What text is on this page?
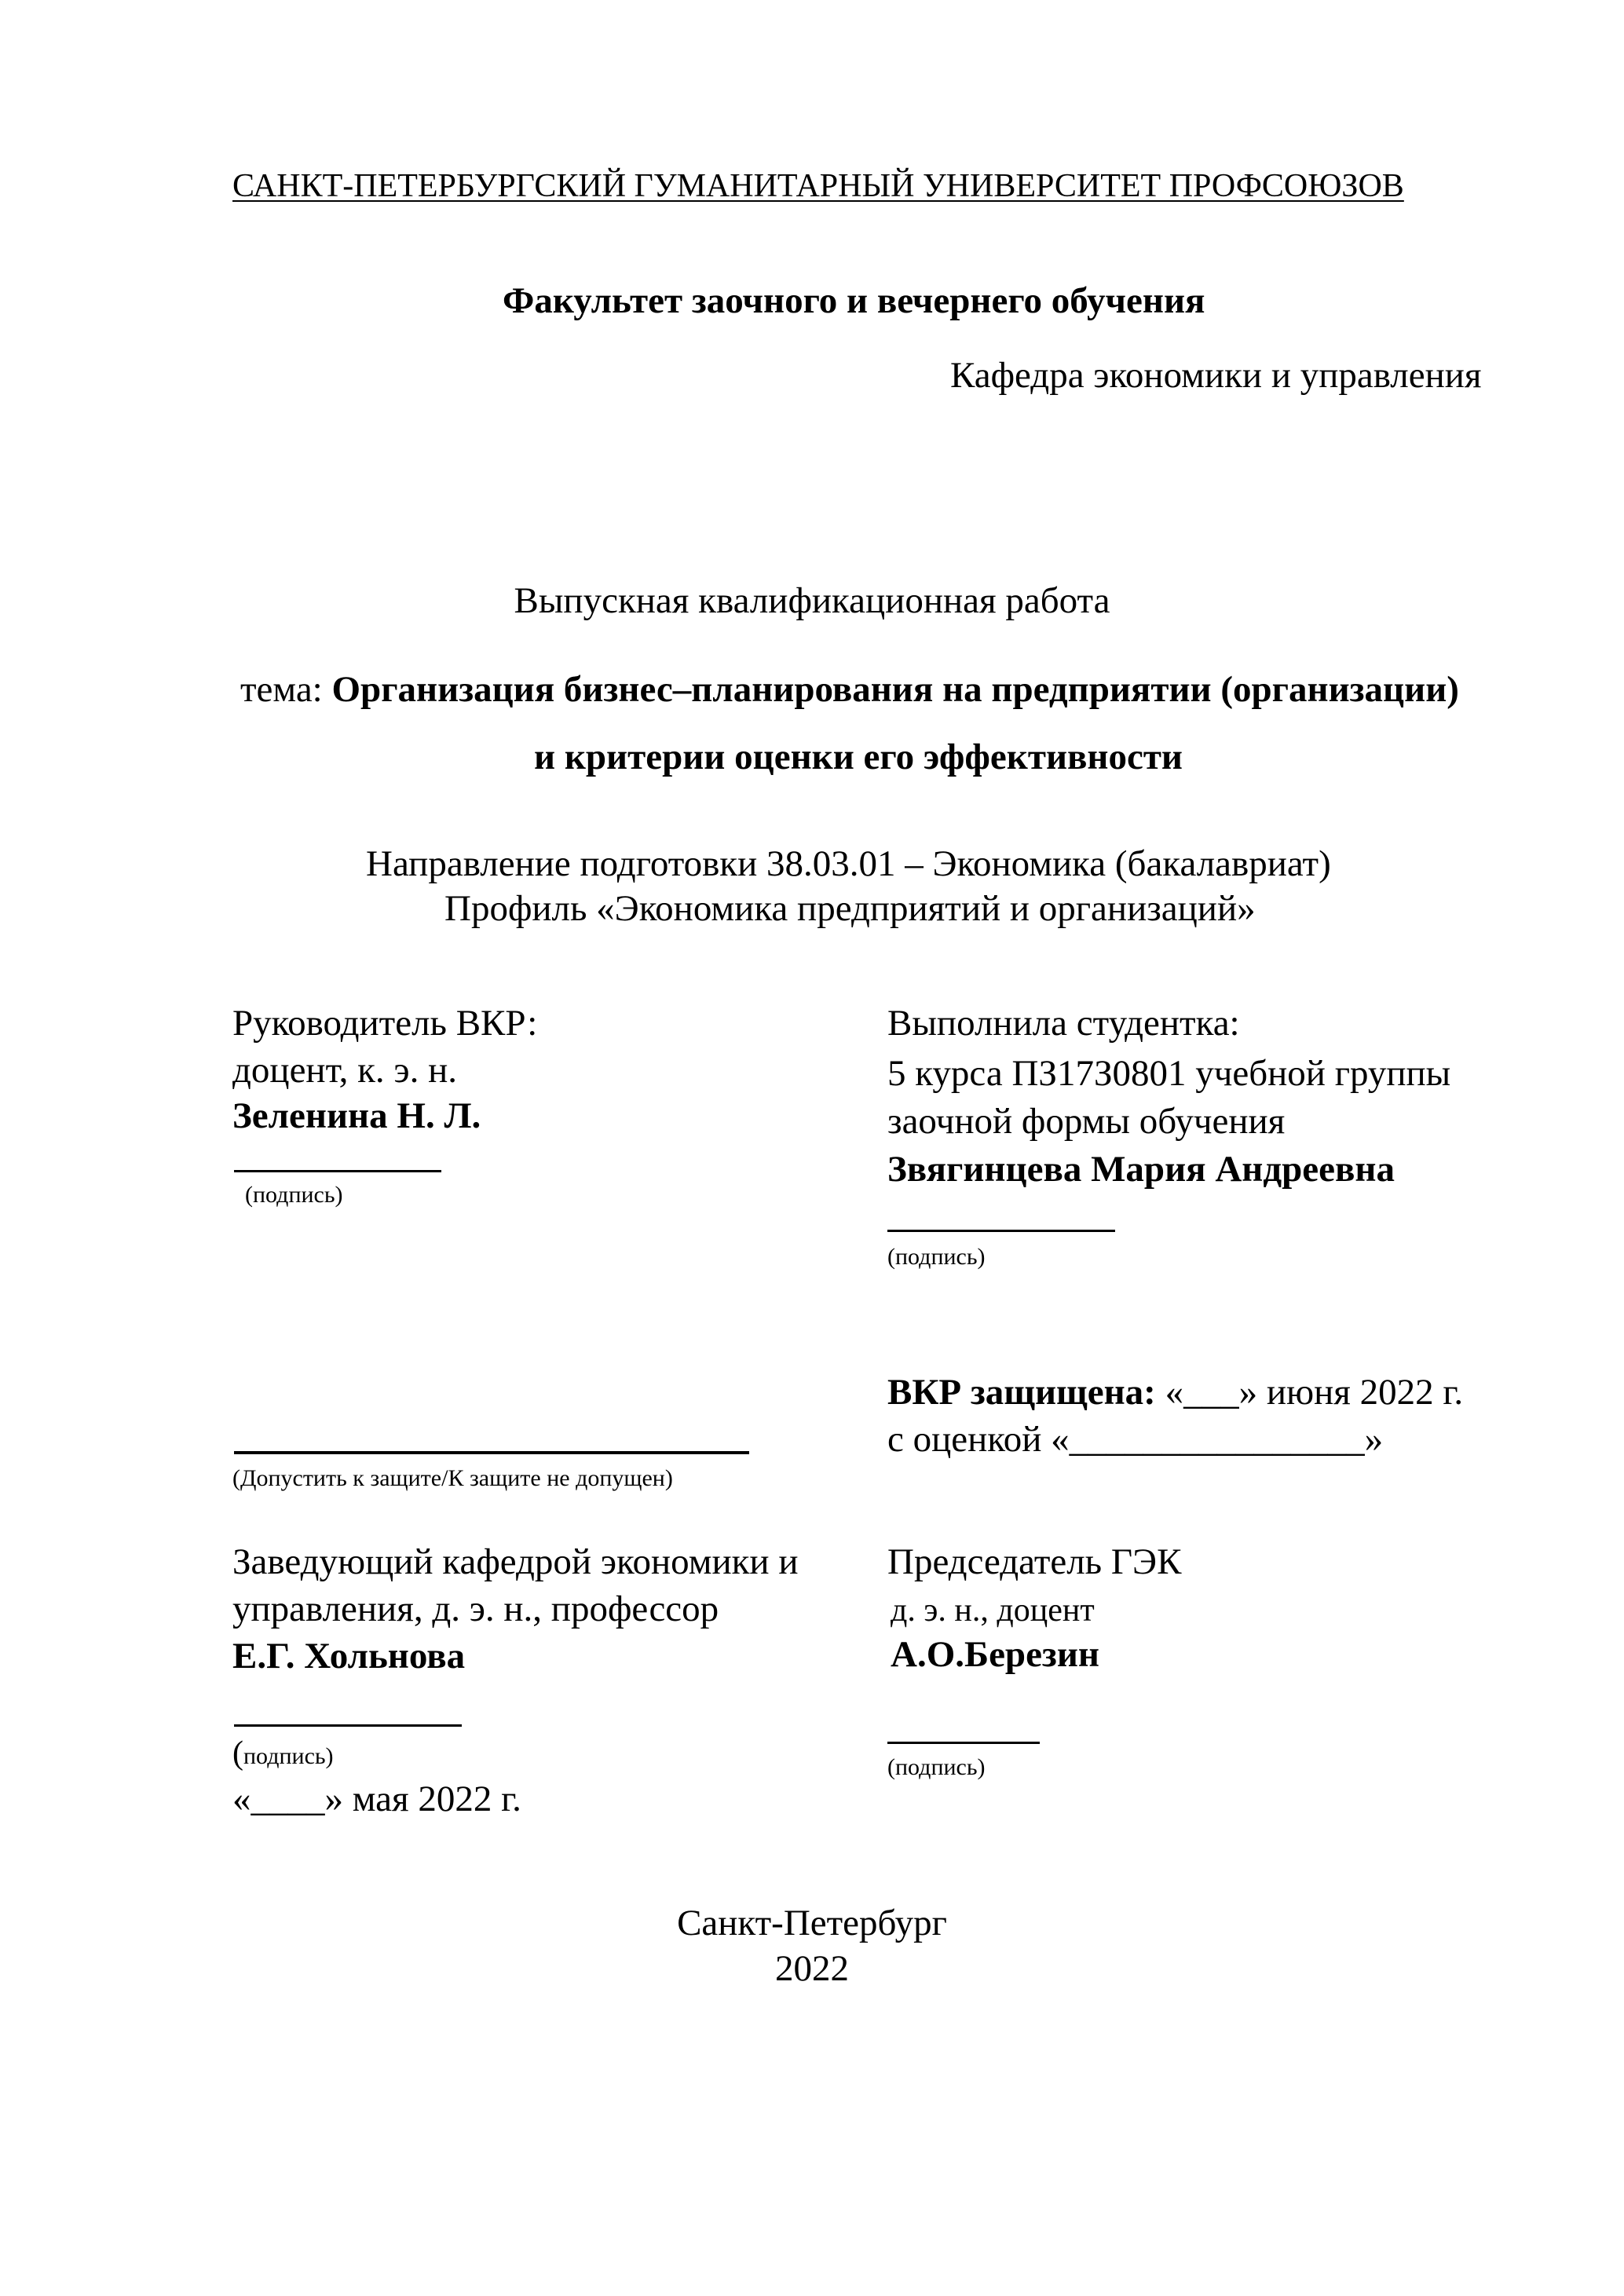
САНКТ-ПЕТЕРБУРГСКИЙ ГУМАНИТАРНЫЙ УНИВЕРСИТЕТ ПРОФСОЮЗОВ
Факультет заочного и вечернего обучения
Кафедра экономики и управления
Выпускная квалификационная работа
тема: Организация бизнес–планирования на предприятии (организации)
и критерии оценки его эффективности
Направление подготовки 38.03.01 – Экономика (бакалавриат)
Профиль «Экономика предприятий и организаций»
Руководитель ВКР:
доцент, к. э. н.
Зеленина Н. Л.
(подпись)
Выполнила студентка:
5 курса ПЗ17З0801 учебной группы
заочной формы обучения
Звягинцева Мария Андреевна
(подпись)
(Допустить к защите/К защите не допущен)
ВКР защищена: «___» июня 2022 г.
с оценкой «________________»
Заведующий кафедрой экономики и
управления, д. э. н., профессор
Е.Г. Хольнова
(подпись)
«____» мая 2022 г.
Председатель ГЭК
д. э. н., доцент
А.О.Березин
(подпись)
Санкт-Петербург
2022
